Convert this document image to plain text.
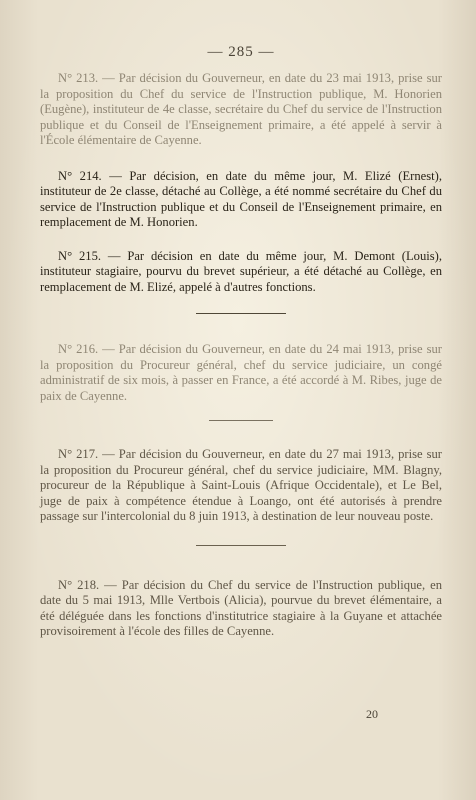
— 285 —

N° 213. — Par décision du Gouverneur, en date du 23 mai 1913, prise sur la proposition du Chef du service de l'Instruction publique, M. Honorien (Eugène), instituteur de 4e classe, secrétaire du Chef du service de l'Instruction publique et du Conseil de l'Enseignement primaire, a été appelé à servir à l'École élémentaire de Cayenne.

N° 214. — Par décision, en date du même jour, M. Elizé (Ernest), instituteur de 2e classe, détaché au Collège, a été nommé secrétaire du Chef du service de l'Instruction publique et du Conseil de l'Enseignement primaire, en remplacement de M. Honorien.

N° 215. — Par décision en date du même jour, M. Demont (Louis), instituteur stagiaire, pourvu du brevet supérieur, a été détaché au Collège, en remplacement de M. Elizé, appelé à d'autres fonctions.

N° 216. — Par décision du Gouverneur, en date du 24 mai 1913, prise sur la proposition du Procureur général, chef du service judiciaire, un congé administratif de six mois, à passer en France, a été accordé à M. Ribes, juge de paix de Cayenne.

N° 217. — Par décision du Gouverneur, en date du 27 mai 1913, prise sur la proposition du Procureur général, chef du service judiciaire, MM. Blagny, procureur de la République à Saint-Louis (Afrique Occidentale), et Le Bel, juge de paix à compétence étendue à Loango, ont été autorisés à prendre passage sur l'intercolonial du 8 juin 1913, à destination de leur nouveau poste.

N° 218. — Par décision du Chef du service de l'Instruction publique, en date du 5 mai 1913, Mlle Vertbois (Alicia), pourvue du brevet élémentaire, a été déléguée dans les fonctions d'institutrice stagiaire à la Guyane et attachée provisoirement à l'école des filles de Cayenne.

20
